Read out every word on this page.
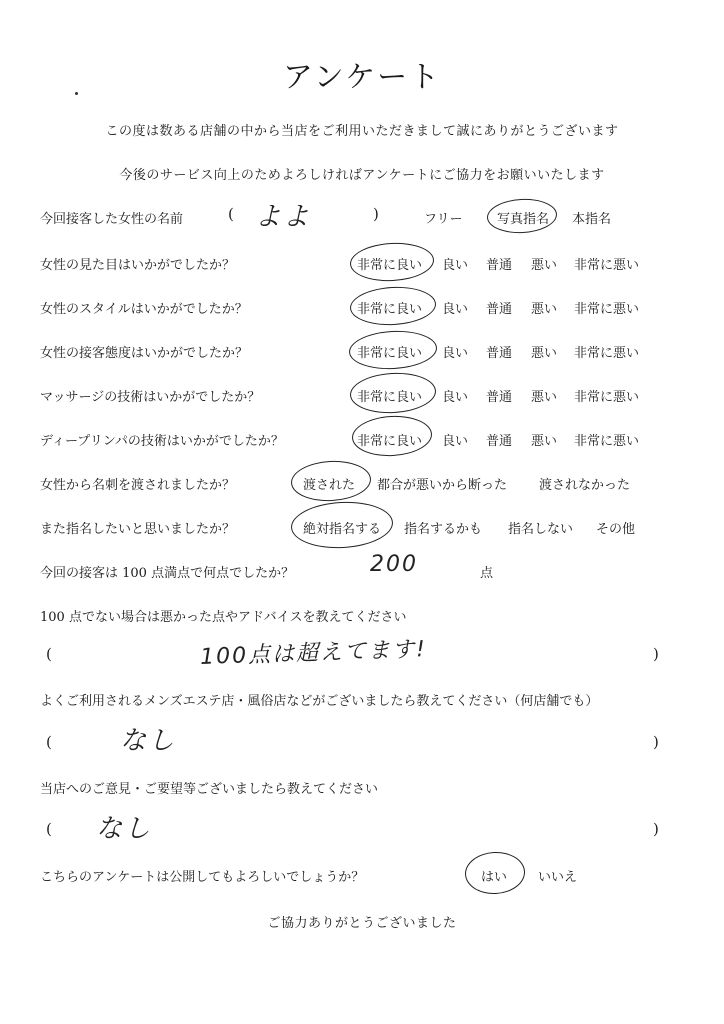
アンケート
この度は数ある店舗の中から当店をご利用いただきまして誠にありがとうございます
今後のサービス向上のためよろしければアンケートにご協力をお願いいたします
今回接客した女性の名前	( よよ	)	フリー	写真指名 本指名
女性の見た目はいかがでしたか？	非常に良い 良い 普通 悪い 非常に悪い
女性のスタイルはいかがでしたか？	非常に良い 良い 普通 悪い 非常に悪い
女性の接客態度はいかがでしたか？	非常に良い 良い 普通 悪い 非常に悪い
マッサージの技術はいかがでしたか？	非常に良い 良い 普通 悪い 非常に悪い
ディープリンパの技術はいかがでしたか？	非常に良い 良い 普通 悪い 非常に悪い
女性から名刺を渡されましたか？	渡された 都合が悪いから断った 渡されなかった
また指名したいと思いましたか？	絶対指名する 指名するかも 指名しない その他
今回の接客は 100 点満点で何点でしたか？	200	点
100 点でない場合は悪かった点やアドバイスを教えてください
(	100点は超えてます!	)
よくご利用されるメンズエステ店・風俗店などがございましたら教えてください（何店舗でも）
(	なし	)
当店へのご意見・ご要望等ございましたら教えてください
( なし	)
こちらのアンケートは公開してもよろしいでしょうか？	はい いいえ
ご協力ありがとうございました
